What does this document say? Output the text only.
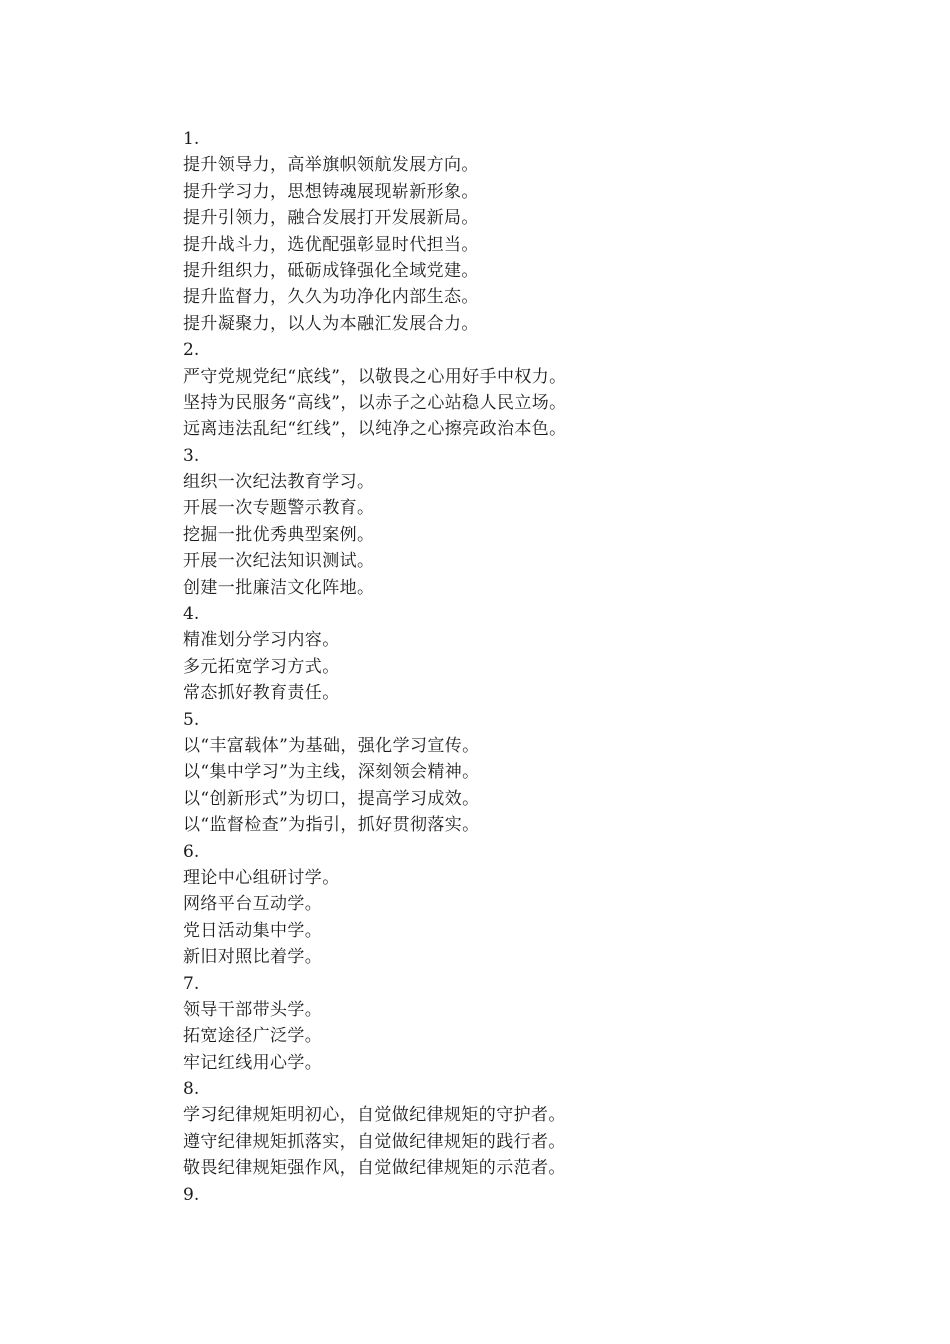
1.
提升领导力，高举旗帜领航发展方向。
提升学习力，思想铸魂展现崭新形象。
提升引领力，融合发展打开发展新局。
提升战斗力，选优配强彰显时代担当。
提升组织力，砥砺成锋强化全域党建。
提升监督力，久久为功净化内部生态。
提升凝聚力，以人为本融汇发展合力。
2.
严守党规党纪“底线”，以敬畏之心用好手中权力。
坚持为民服务“高线”，以赤子之心站稳人民立场。
远离违法乱纪“红线”，以纯净之心擦亮政治本色。
3.
组织一次纪法教育学习。
开展一次专题警示教育。
挖掘一批优秀典型案例。
开展一次纪法知识测试。
创建一批廉洁文化阵地。
4.
精准划分学习内容。
多元拓宽学习方式。
常态抓好教育责任。
5.
以“丰富载体”为基础，强化学习宣传。
以“集中学习”为主线，深刻领会精神。
以“创新形式”为切口，提高学习成效。
以“监督检查”为指引，抓好贯彻落实。
6.
理论中心组研讨学。
网络平台互动学。
党日活动集中学。
新旧对照比着学。
7.
领导干部带头学。
拓宽途径广泛学。
牢记红线用心学。
8.
学习纪律规矩明初心，自觉做纪律规矩的守护者。
遵守纪律规矩抓落实，自觉做纪律规矩的践行者。
敬畏纪律规矩强作风，自觉做纪律规矩的示范者。
9.
